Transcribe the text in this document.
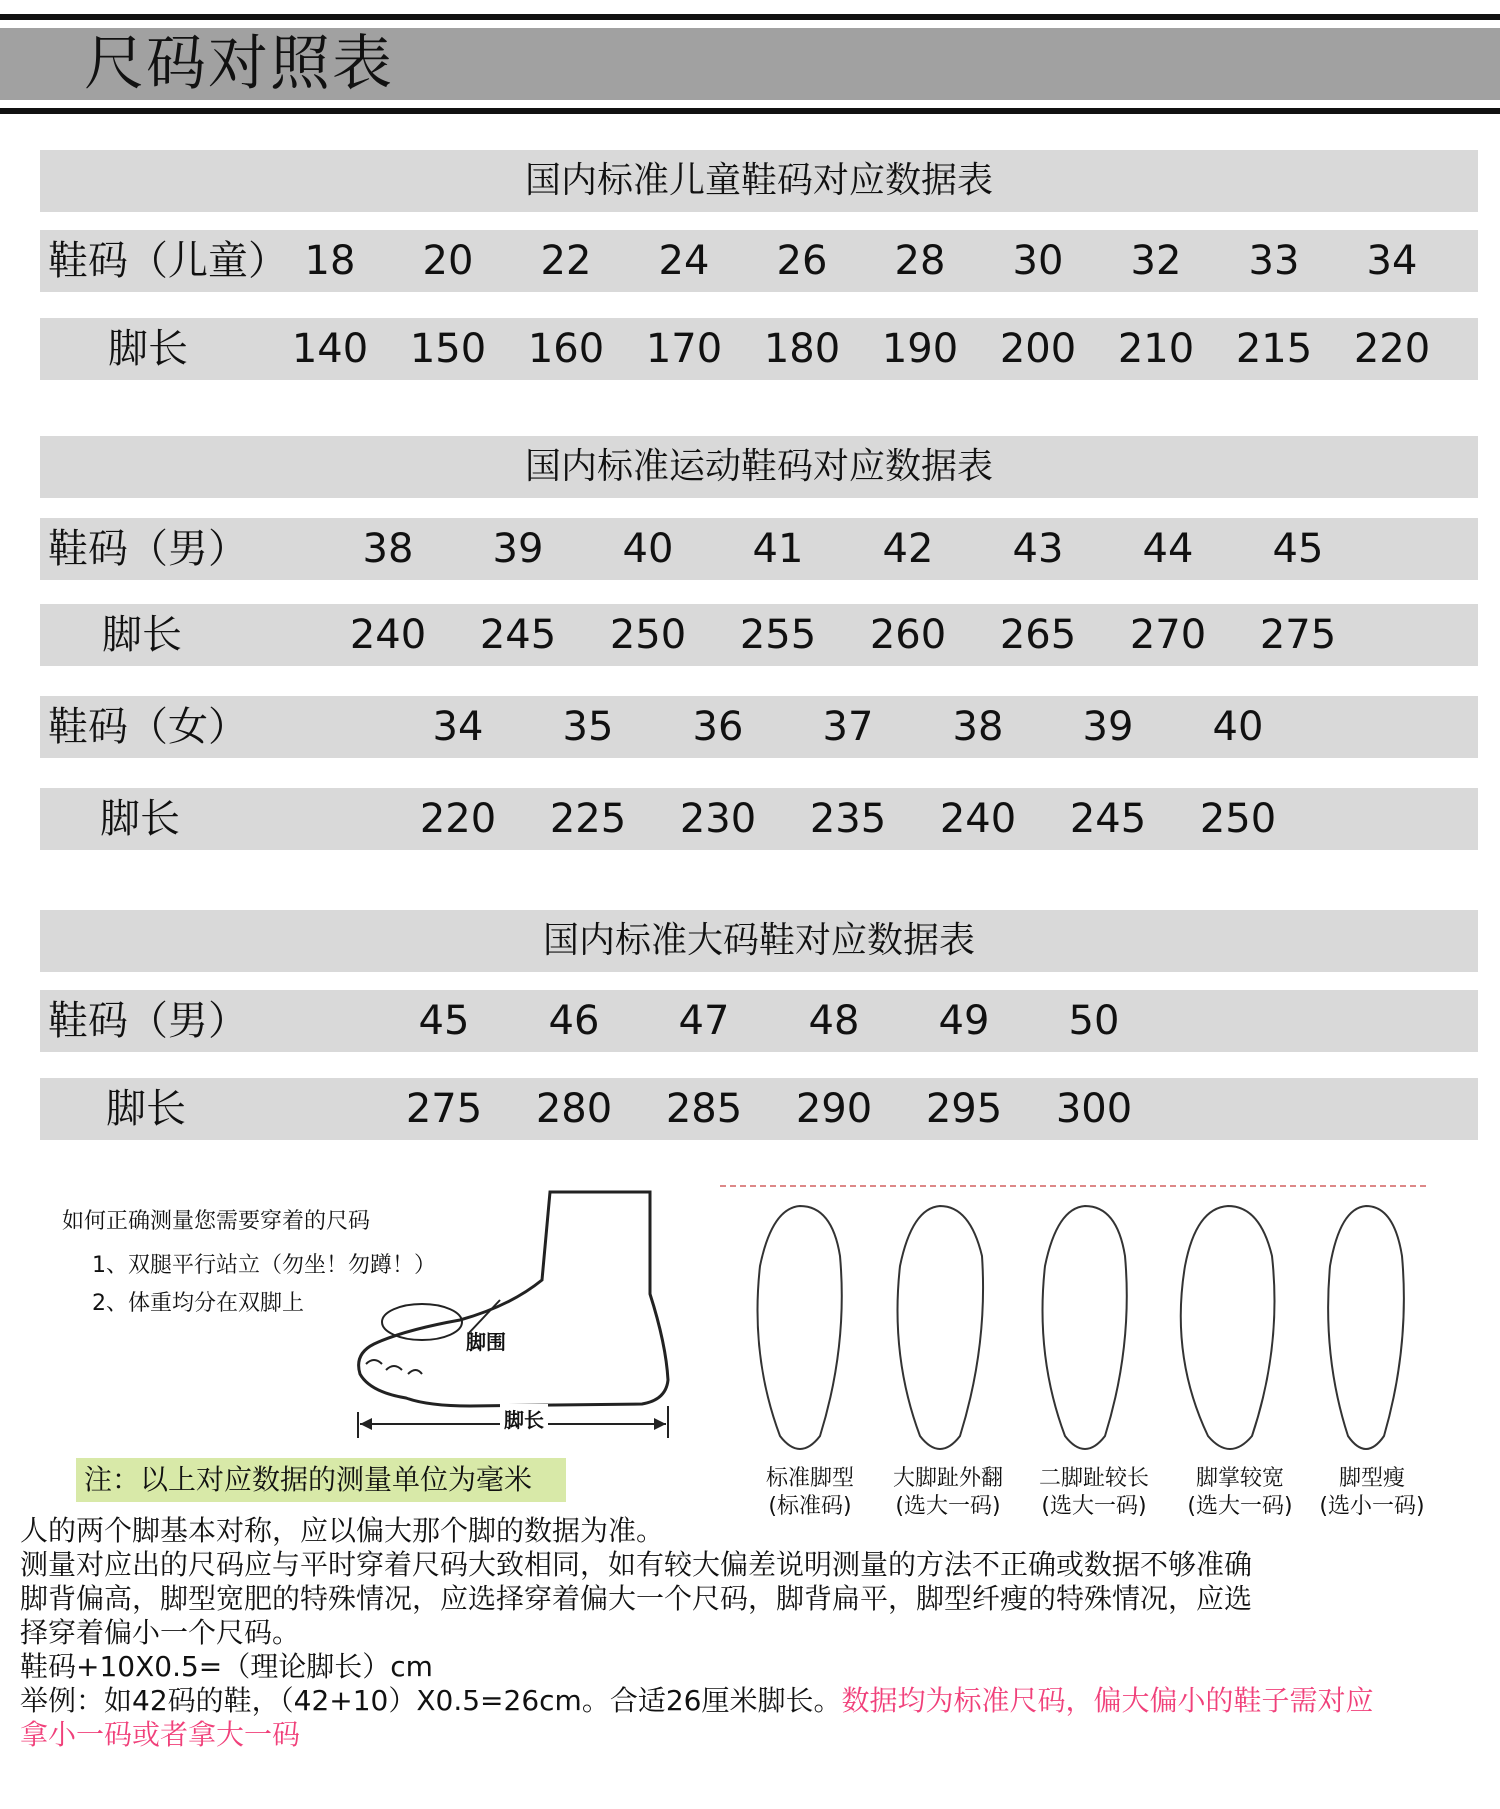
尺码对照表
国内标准儿童鞋码对应数据表
鞋码（儿童） 18	20	22	24	26	28	30	32	33	34
脚长	140 150 160 170 180 190 200 210 215 220
国内标准运动鞋码对应数据表
鞋码（男）	38	39	40	41	42	43	44	45
脚长	240 245 250 255 260 265 270 275
鞋码（女）	34	35	36	37	38	39	40
脚长	220 225 230 235 240 245 250
国内标准大码鞋对应数据表
鞋码（男）	45	46	47	48	49	50
脚长	275 280 285 290 295 300
如何正确测量您需要穿着的尺码
1、双腿平行站立（勿坐！勿蹲！）
2、体重均分在双脚上
脚围
脚长
注：以上对应数据的测量单位为毫米	标准脚型
(标准码)
大脚趾外翻
(选大一码)
二脚趾较长
(选大一码)
脚掌较宽
(选大一码)
脚型瘦
(选小一码)
人的两个脚基本对称，应以偏大那个脚的数据为准。
测量对应出的尺码应与平时穿着尺码大致相同，如有较大偏差说明测量的方法不正确或数据不够准确
脚背偏高，脚型宽肥的特殊情况，应选择穿着偏大一个尺码，脚背扁平，脚型纤瘦的特殊情况，应选
择穿着偏小一个尺码。
鞋码+10X0.5=（理论脚长）cm
举例：如42码的鞋，（42+10）X0.5=26cm。合适26厘米脚长。数据均为标准尺码，偏大偏小的鞋子需对应
拿小一码或者拿大一码
